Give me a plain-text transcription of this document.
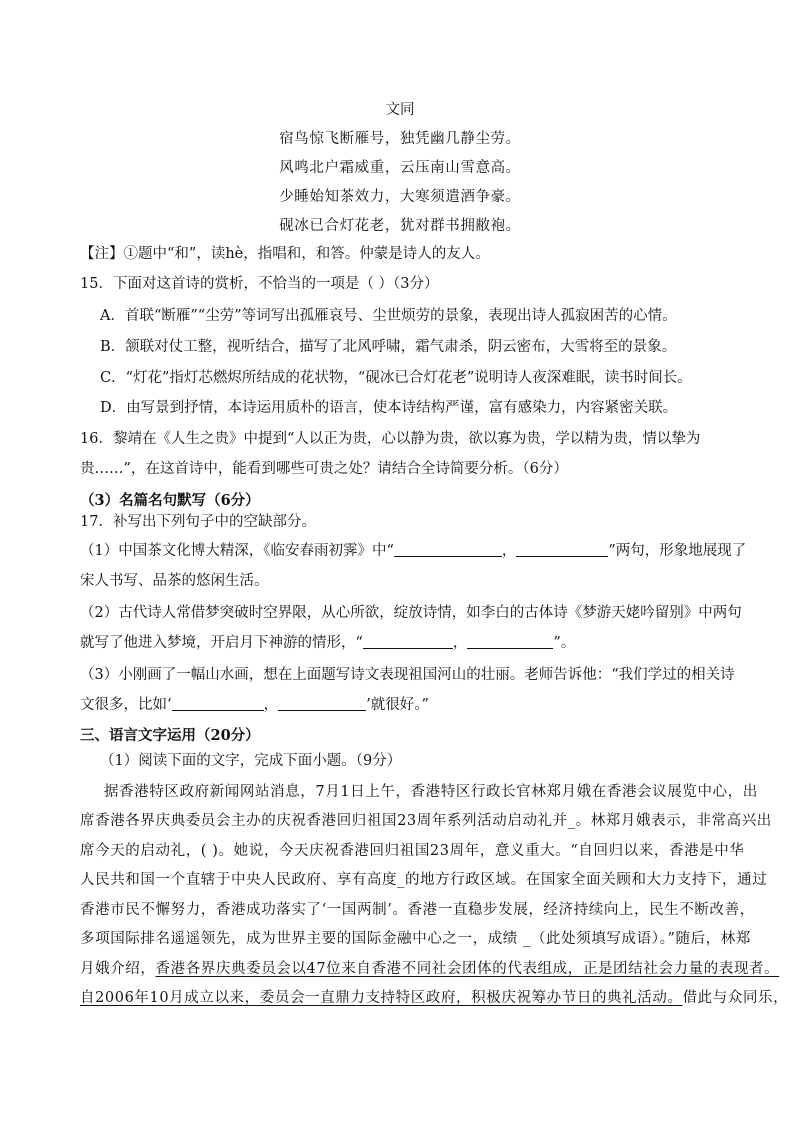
文同
宿鸟惊飞断雁号，独凭幽几静尘劳。
风鸣北户霜威重，云压南山雪意高。
少睡始知茶效力，大寒须遣酒争豪。
砚冰已合灯花老，犹对群书拥敝袍。
【注】①题中“和”，读hè，指唱和，和答。仲蒙是诗人的友人。
15．下面对这首诗的赏析，不恰当的一项是（ ）（3分）
A．首联“断雁”“尘劳”等词写出孤雁哀号、尘世烦劳的景象，表现出诗人孤寂困苦的心情。
B．颔联对仗工整，视听结合，描写了北风呼啸，霜气肃杀，阴云密布，大雪将至的景象。
C．“灯花”指灯芯燃烬所结成的花状物，“砚冰已合灯花老”说明诗人夜深难眠，读书时间长。
D．由写景到抒情，本诗运用质朴的语言，使本诗结构严谨，富有感染力，内容紧密关联。
16．黎靖在《人生之贵》中提到“人以正为贵，心以静为贵，欲以寡为贵，学以精为贵，情以挚为
贵……”，在这首诗中，能看到哪些可贵之处？请结合全诗简要分析。（6分）
（3）名篇名句默写（6分）
17．补写出下列句子中的空缺部分。
（1）中国茶文化博大精深，《临安春雨初霁》中“	，	”两句，形象地展现了
宋人书写、品茶的悠闲生活。
（2）古代诗人常借梦突破时空界限，从心所欲，绽放诗情，如李白的古体诗《梦游天姥吟留别》中两句
就写了他进入梦境，开启月下神游的情形，“	，	”。
（3）小刚画了一幅山水画，想在上面题写诗文表现祖国河山的壮丽。老师告诉他：“我们学过的相关诗
文很多，比如‘	，	’就很好。”
三、语言文字运用（20分）
（1）阅读下面的文字，完成下面小题。（9分）
据香港特区政府新闻网站消息，7月1日上午，香港特区行政长官林郑月娥在香港会议展览中心，出
席香港各界庆典委员会主办的庆祝香港回归祖国23周年系列活动启动礼并_。林郑月娥表示，非常高兴出
席今天的启动礼，( )。她说，今天庆祝香港回归祖国23周年，意义重大。“自回归以来，香港是中华
人民共和国一个直辖于中央人民政府、享有高度_的地方行政区域。在国家全面关顾和大力支持下，通过
香港市民不懈努力，香港成功落实了‘一国两制’。香港一直稳步发展，经济持续向上，民生不断改善，
多项国际排名遥遥领先，成为世界主要的国际金融中心之一，成绩 _（此处须填写成语）。”随后，林郑
月娥介绍，香港各界庆典委员会以47位来自香港不同社会团体的代表组成，正是团结社会力量的表现者。
自2006年10月成立以来，委员会一直鼎力支持特区政府，积极庆祝筹办节日的典礼活动。借此与众同乐，
